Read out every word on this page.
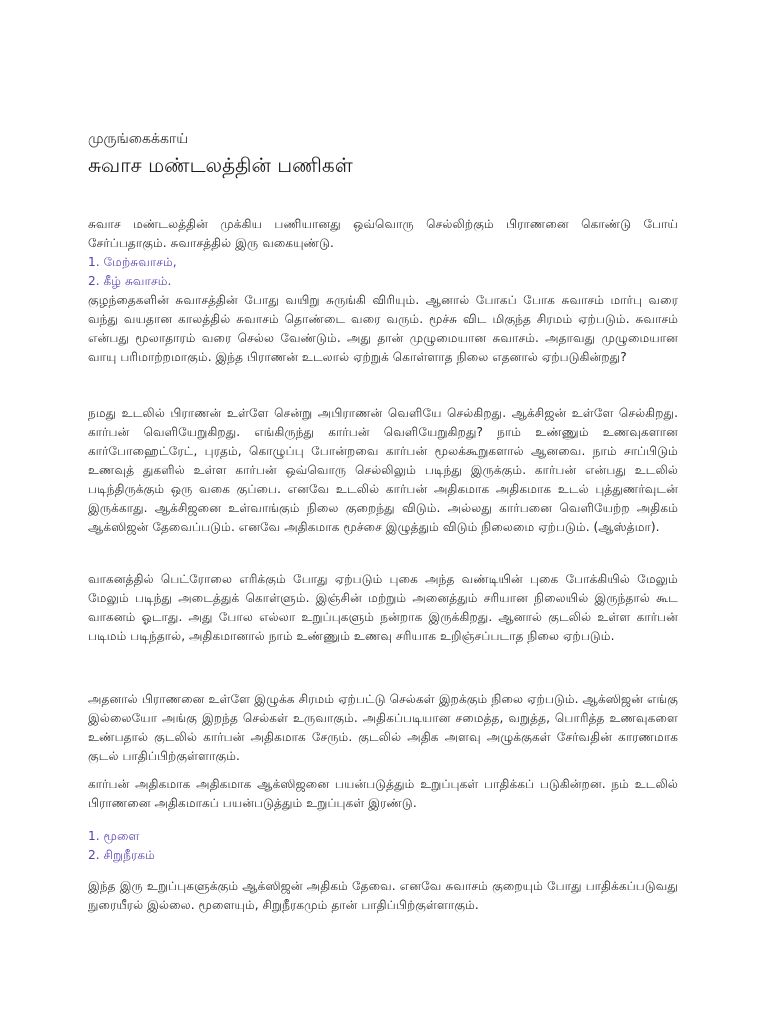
முருங்கைக்காய்
சுவாச மண்டலத்தின் பணிகள்

சுவாச மண்டலத்தின் முக்கிய பணியானது ஒவ்வொரு செல்லிற்கும் பிராணனை கொண்டு போய் சேர்ப்பதாகும். சுவாசத்தில் இரு வகையுண்டு.

1. மேற்சுவாசம்,
2. கீழ் சுவாசம்.

குழந்தைகளின் சுவாசத்தின் போது வயிறு சுருங்கி விரியும். ஆனால் போகப் போக சுவாசம் மார்பு வரை வந்து வயதான காலத்தில் சுவாசம் தொண்டை வரை வரும். மூச்சு விட மிகுந்த சிரமம் ஏற்படும். சுவாசம் என்பது மூலாதாரம் வரை செல்ல வேண்டும். அது தான் முழுமையான சுவாசம். அதாவது முழுமையான வாயு பரிமாற்றமாகும். இந்த பிராணன் உடலால் ஏற்றுக் கொள்ளாத நிலை எதனால் ஏற்படுகின்றது?

நமது உடலில் பிராணன் உள்ளே சென்று அபிராணன் வெளியே செல்கிறது. ஆக்சிஜன் உள்ளே செல்கிறது. கார்பன் வெளியேறுகிறது. எங்கிருந்து கார்பன் வெளியேறுகிறது? நாம் உண்ணும் உணவுகளான கார்போஹைட்ரேட், புரதம், கொழுப்பு போன்றவை கார்பன் மூலக்கூறுகளால் ஆனவை. நாம் சாப்பிடும் உணவுத் துகளில் உள்ள கார்பன் ஒவ்வொரு செல்லிலும் படிந்து இருக்கும். கார்பன் என்பது உடலில் படிந்திருக்கும் ஒரு வகை குப்பை. எனவே உடலில் கார்பன் அதிகமாக அதிகமாக உடல் புத்துணர்வுடன் இருக்காது. ஆக்சிஜனை உள்வாங்கும் நிலை குறைந்து விடும். அல்லது கார்பனை வெளியேற்ற அதிகம் ஆக்ஸிஜன் தேவைப்படும். எனவே அதிகமாக மூச்சை இழுத்தும் விடும் நிலைமை ஏற்படும். (ஆஸ்த்மா).

வாகனத்தில் பெட்ரோலை எரிக்கும் போது ஏற்படும் புகை அந்த வண்டியின் புகை போக்கியில் மேலும் மேலும் படிந்து அடைத்துக் கொள்ளும். இஞ்சின் மற்றும் அனைத்தும் சரியான நிலையில் இருந்தால் கூட வாகனம் ஓடாது. அது போல எல்லா உறுப்புகளும் நன்றாக இருக்கிறது. ஆனால் குடலில் உள்ள கார்பன் படிமம் படிந்தால், அதிகமானால் நாம் உண்ணும் உணவு சரியாக உறிஞ்சப்படாத நிலை ஏற்படும்.

அதனால் பிராணனை உள்ளே இழுக்க சிரமம் ஏற்பட்டு செல்கள் இறக்கும் நிலை ஏற்படும். ஆக்ஸிஜன் எங்கு இல்லையோ அங்கு இறந்த செல்கள் உருவாகும். அதிகப்படியான சமைத்த, வறுத்த, பொரித்த உணவுகளை உண்பதால் குடலில் கார்பன் அதிகமாக சேரும். குடலில் அதிக அளவு அழுக்குகள் சேர்வதின் காரணமாக குடல் பாதிப்பிற்குள்ளாகும்.

கார்பன் அதிகமாக அதிகமாக ஆக்ஸிஜனை பயன்படுத்தும் உறுப்புகள் பாதிக்கப் படுகின்றன. நம் உடலில் பிராணனை அதிகமாகப் பயன்படுத்தும் உறுப்புகள் இரண்டு.

1. மூளை
2. சிறுநீரகம்

இந்த இரு உறுப்புகளுக்கும் ஆக்ஸிஜன் அதிகம் தேவை. எனவே சுவாசம் குறையும் போது பாதிக்கப்படுவது நுரையீரல் இல்லை. மூளையும், சிறுநீரகமும் தான் பாதிப்பிற்குள்ளாகும்.
